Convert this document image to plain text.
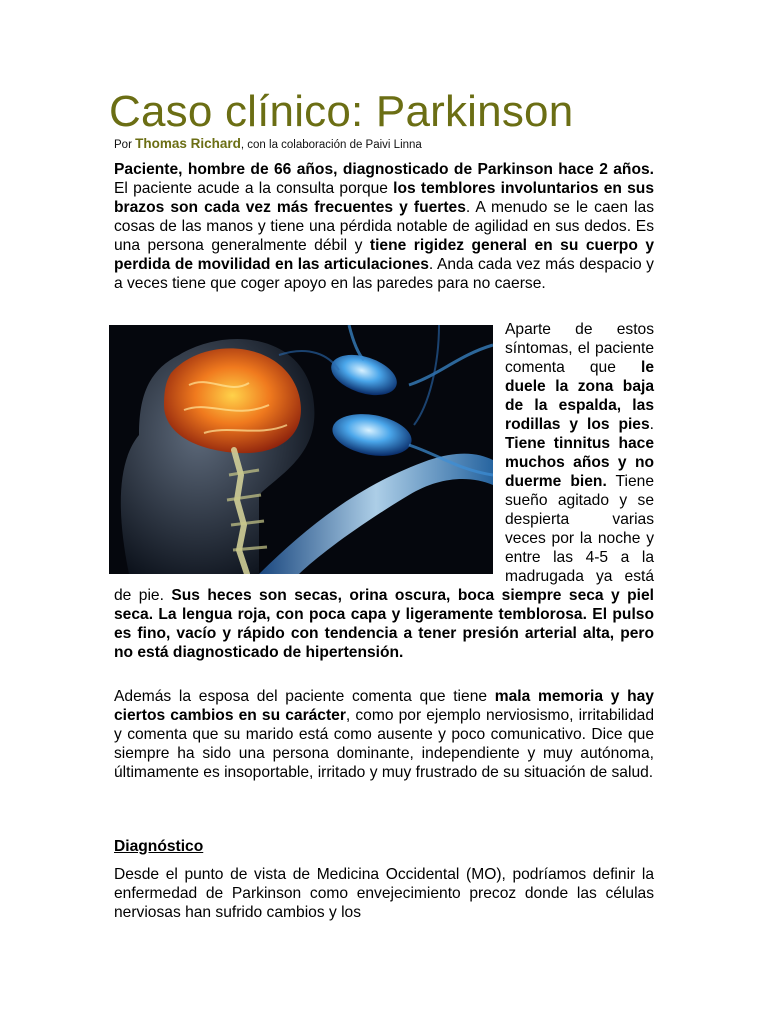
Caso clínico: Parkinson
Por Thomas Richard, con la colaboración de Paivi Linna

Paciente, hombre de 66 años, diagnosticado de Parkinson hace 2 años. El paciente acude a la consulta porque los temblores involuntarios en sus brazos son cada vez más frecuentes y fuertes. A menudo se le caen las cosas de las manos y tiene una pérdida notable de agilidad en sus dedos. Es una persona generalmente débil y tiene rigidez general en su cuerpo y perdida de movilidad en las articulaciones. Anda cada vez más despacio y a veces tiene que coger apoyo en las paredes para no caerse.

Aparte de estos síntomas, el paciente comenta que le duele la zona baja de la espalda, las rodillas y los pies. Tiene tinnitus hace muchos años y no duerme bien. Tiene sueño agitado y se despierta varias veces por la noche y entre las 4-5 a la madrugada ya está de pie. Sus heces son secas, orina oscura, boca siempre seca y piel seca. La lengua roja, con poca capa y ligeramente temblorosa. El pulso es fino, vacío y rápido con tendencia a tener presión arterial alta, pero no está diagnosticado de hipertensión.

Además la esposa del paciente comenta que tiene mala memoria y hay ciertos cambios en su carácter, como por ejemplo nerviosismo, irritabilidad y comenta que su marido está como ausente y poco comunicativo. Dice que siempre ha sido una persona dominante, independiente y muy autónoma, últimamente es insoportable, irritado y muy frustrado de su situación de salud.

Diagnóstico

Desde el punto de vista de Medicina Occidental (MO), podríamos definir la enfermedad de Parkinson como envejecimiento precoz donde las células nerviosas han sufrido cambios y los
